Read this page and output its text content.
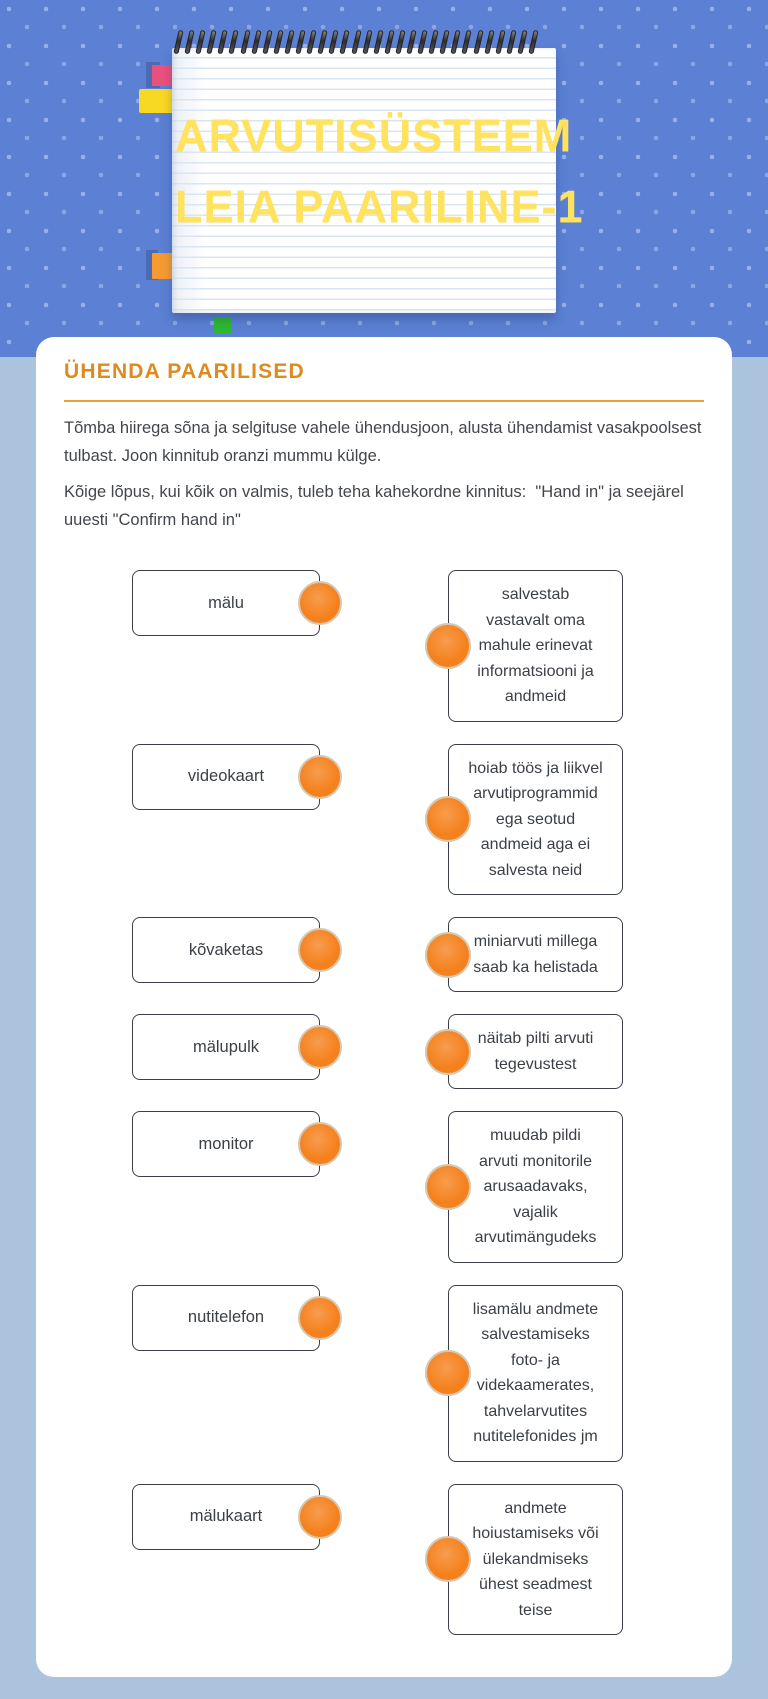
ARVUTISÜSTEEM
LEIA PAARILINE-1
ÜHENDA PAARILISED

Tõmba hiirega sõna ja selgituse vahele ühendusjoon, alusta ühendamist vasakpoolsest tulbast. Joon kinnitub oranzi mummu külge.

Kõige lõpus, kui kõik on valmis, tuleb teha kahekordne kinnitus:  "Hand in" ja seejärel uuesti "Confirm hand in"

mälu	salvestab
vastavalt oma
mahule erinevat
informatsiooni ja
andmeid
videokaart	hoiab töös ja liikvel
arvutiprogrammid
ega seotud
andmeid aga ei
salvesta neid
kõvaketas	miniarvuti millega
saab ka helistada
mälupulk	näitab pilti arvuti
tegevustest
monitor	muudab pildi
arvuti monitorile
arusaadavaks,
vajalik
arvutimängudeks
nutitelefon	lisamälu andmete
salvestamiseks
foto- ja
videkaamerates,
tahvelarvutites
nutitelefonides jm
mälukaart	andmete
hoiustamiseks või
ülekandmiseks
ühest seadmest
teise
